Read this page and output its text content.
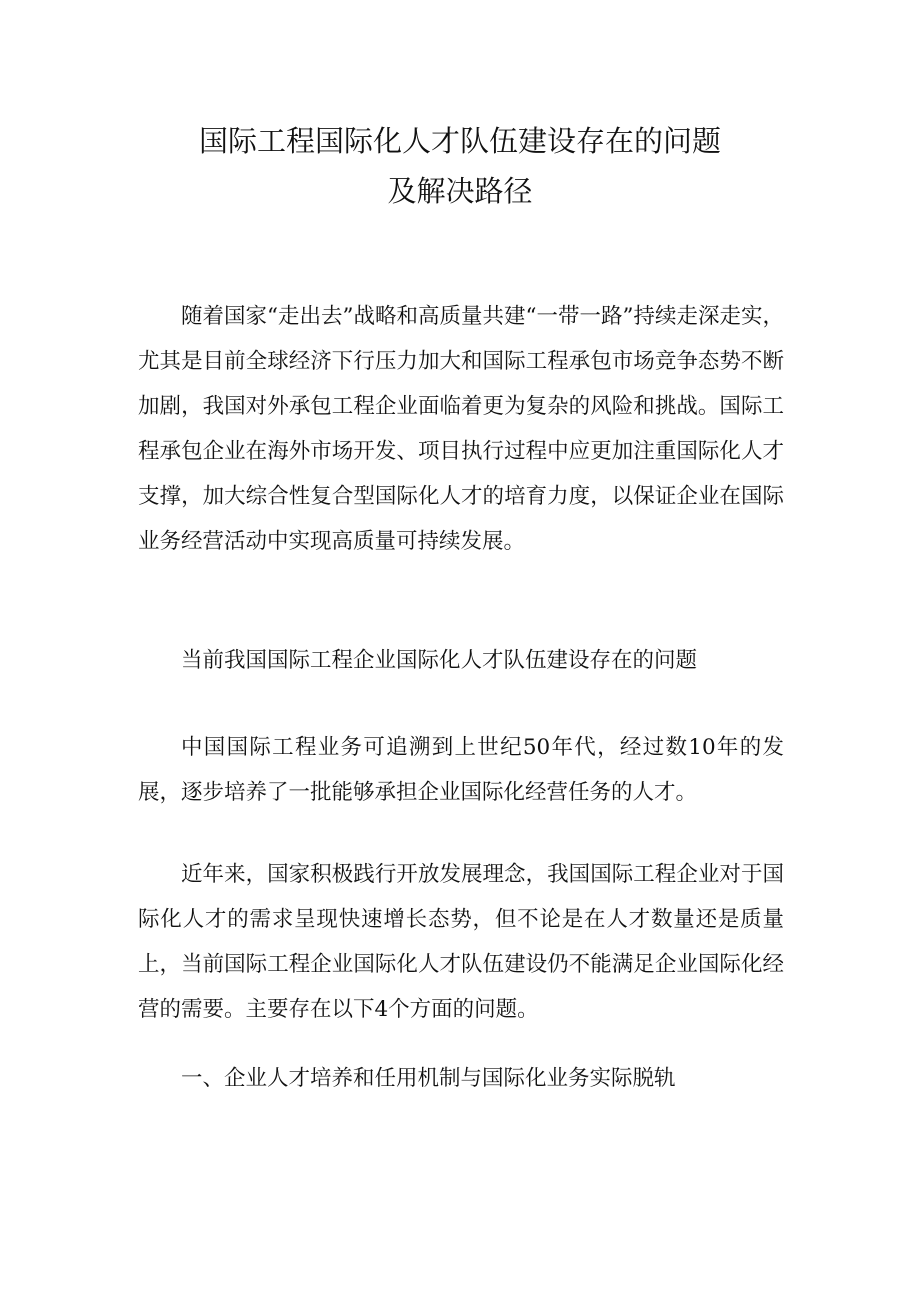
国际工程国际化人才队伍建设存在的问题
及解决路径

随着国家“走出去”战略和高质量共建“一带一路”持续走深走实，尤其是目前全球经济下行压力加大和国际工程承包市场竞争态势不断加剧，我国对外承包工程企业面临着更为复杂的风险和挑战。国际工程承包企业在海外市场开发、项目执行过程中应更加注重国际化人才支撑，加大综合性复合型国际化人才的培育力度，以保证企业在国际业务经营活动中实现高质量可持续发展。

当前我国国际工程企业国际化人才队伍建设存在的问题

中国国际工程业务可追溯到上世纪50年代，经过数10年的发展，逐步培养了一批能够承担企业国际化经营任务的人才。

近年来，国家积极践行开放发展理念，我国国际工程企业对于国际化人才的需求呈现快速增长态势，但不论是在人才数量还是质量上，当前国际工程企业国际化人才队伍建设仍不能满足企业国际化经营的需要。主要存在以下4个方面的问题。

一、企业人才培养和任用机制与国际化业务实际脱轨
